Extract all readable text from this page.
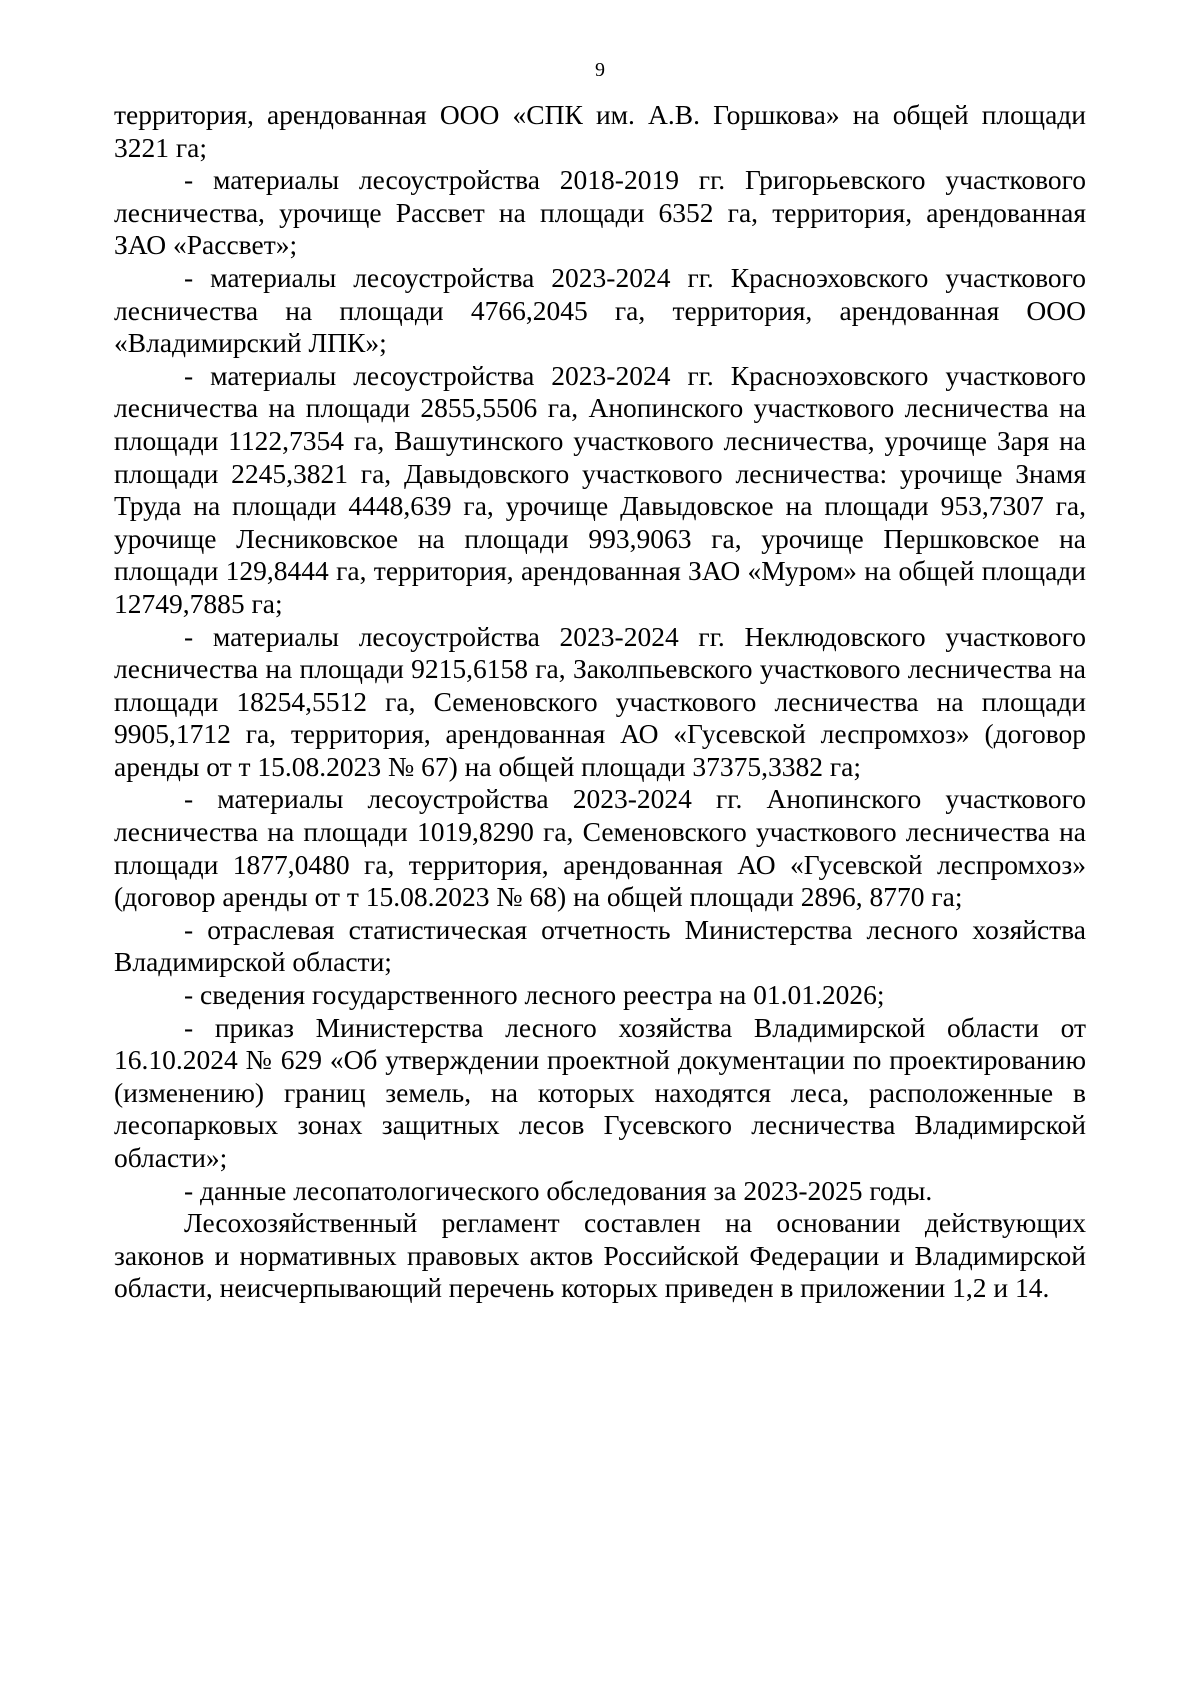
9

территория, арендованная ООО «СПК им. А.В. Горшкова» на общей площади 3221 га;

- материалы лесоустройства 2018-2019 гг. Григорьевского участкового лесничества, урочище Рассвет на площади 6352 га, территория, арендованная ЗАО «Рассвет»;

- материалы лесоустройства 2023-2024 гг. Красноэховского участкового лесничества на площади 4766,2045 га, территория, арендованная ООО «Владимирский ЛПК»;

- материалы лесоустройства 2023-2024 гг. Красноэховского участкового лесничества на площади 2855,5506 га, Анопинского участкового лесничества на площади 1122,7354 га, Вашутинского участкового лесничества, урочище Заря на площади 2245,3821 га, Давыдовского участкового лесничества: урочище Знамя Труда на площади 4448,639 га, урочище Давыдовское на площади 953,7307 га, урочище Лесниковское на площади 993,9063 га, урочище Першковское на площади 129,8444 га, территория, арендованная ЗАО «Муром» на общей площади 12749,7885 га;

- материалы лесоустройства 2023-2024 гг. Неклюдовского участкового лесничества на площади 9215,6158 га, Заколпьевского участкового лесничества на площади 18254,5512 га, Семеновского участкового лесничества на площади 9905,1712 га, территория, арендованная АО «Гусевской леспромхоз» (договор аренды от т 15.08.2023 № 67) на общей площади 37375,3382 га;

- материалы лесоустройства 2023-2024 гг. Анопинского участкового лесничества на площади 1019,8290 га, Семеновского участкового лесничества на площади 1877,0480 га, территория, арендованная АО «Гусевской леспромхоз» (договор аренды от т 15.08.2023 № 68) на общей площади 2896, 8770 га;

- отраслевая статистическая отчетность Министерства лесного хозяйства Владимирской области;

- сведения государственного лесного реестра на 01.01.2026;

- приказ Министерства лесного хозяйства Владимирской области от 16.10.2024 № 629 «Об утверждении проектной документации по проектированию (изменению) границ земель, на которых находятся леса, расположенные в лесопарковых зонах защитных лесов Гусевского лесничества Владимирской области»;

- данные лесопатологического обследования за 2023-2025 годы.

Лесохозяйственный регламент составлен на основании действующих законов и нормативных правовых актов Российской Федерации и Владимирской области, неисчерпывающий перечень которых приведен в приложении 1,2 и 14.
